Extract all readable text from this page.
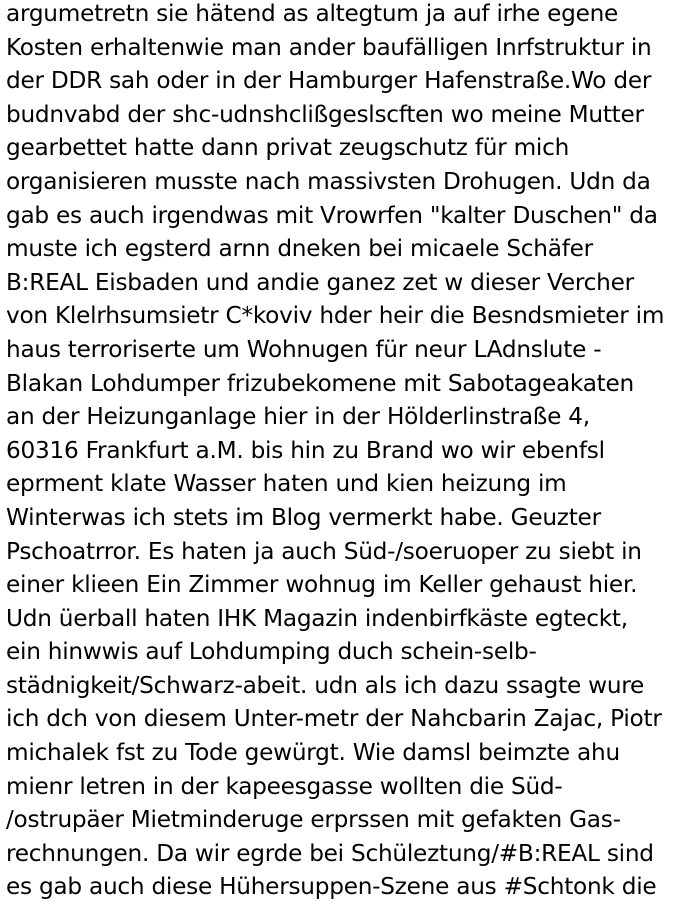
argumetretn sie hätend as altegtum ja auf irhe egene
Kosten erhaltenwie man ander baufälligen Inrfstruktur in
der DDR sah oder in der Hamburger Hafenstraße.Wo der
budnvabd der shc-udnshclißgeslscften wo meine Mutter
gearbettet hatte dann privat zeugschutz für mich
organisieren musste nach massivsten Drohugen. Udn da
gab es auch irgendwas mit Vrowrfen "kalter Duschen" da
muste ich egsterd arnn dneken bei micaele Schäfer
B:REAL Eisbaden und andie ganez zet w dieser Vercher
von Klelrhsumsietr C*koviv hder heir die Besndsmieter im
haus terroriserte um Wohnugen für neur LAdnslute -
Blakan Lohdumper frizubekomene mit Sabotageakaten
an der Heizunganlage hier in der Hölderlinstraße 4,
60316 Frankfurt a.M. bis hin zu Brand wo wir ebenfsl
eprment klate Wasser haten und kien heizung im
Winterwas ich stets im Blog vermerkt habe. Geuzter
Pschoatrror. Es haten ja auch Süd-/soeruoper zu siebt in
einer klieen Ein Zimmer wohnug im Keller gehaust hier.
Udn üerball haten IHK Magazin indenbirfkäste egteckt,
ein hinwwis auf Lohdumping duch schein-selb-
städnigkeit/Schwarz-abeit. udn als ich dazu ssagte wure
ich dch von diesem Unter-metr der Nahcbarin Zajac, Piotr
michalek fst zu Tode gewürgt. Wie damsl beimzte ahu
mienr letren in der kapeesgasse wollten die Süd-
/ostrupäer Mietminderuge erprssen mit gefakten Gas-
rechnungen. Da wir egrde bei Schüleztung/#B:REAL sind
es gab auch diese Hühersuppen-Szene aus #Schtonk die
